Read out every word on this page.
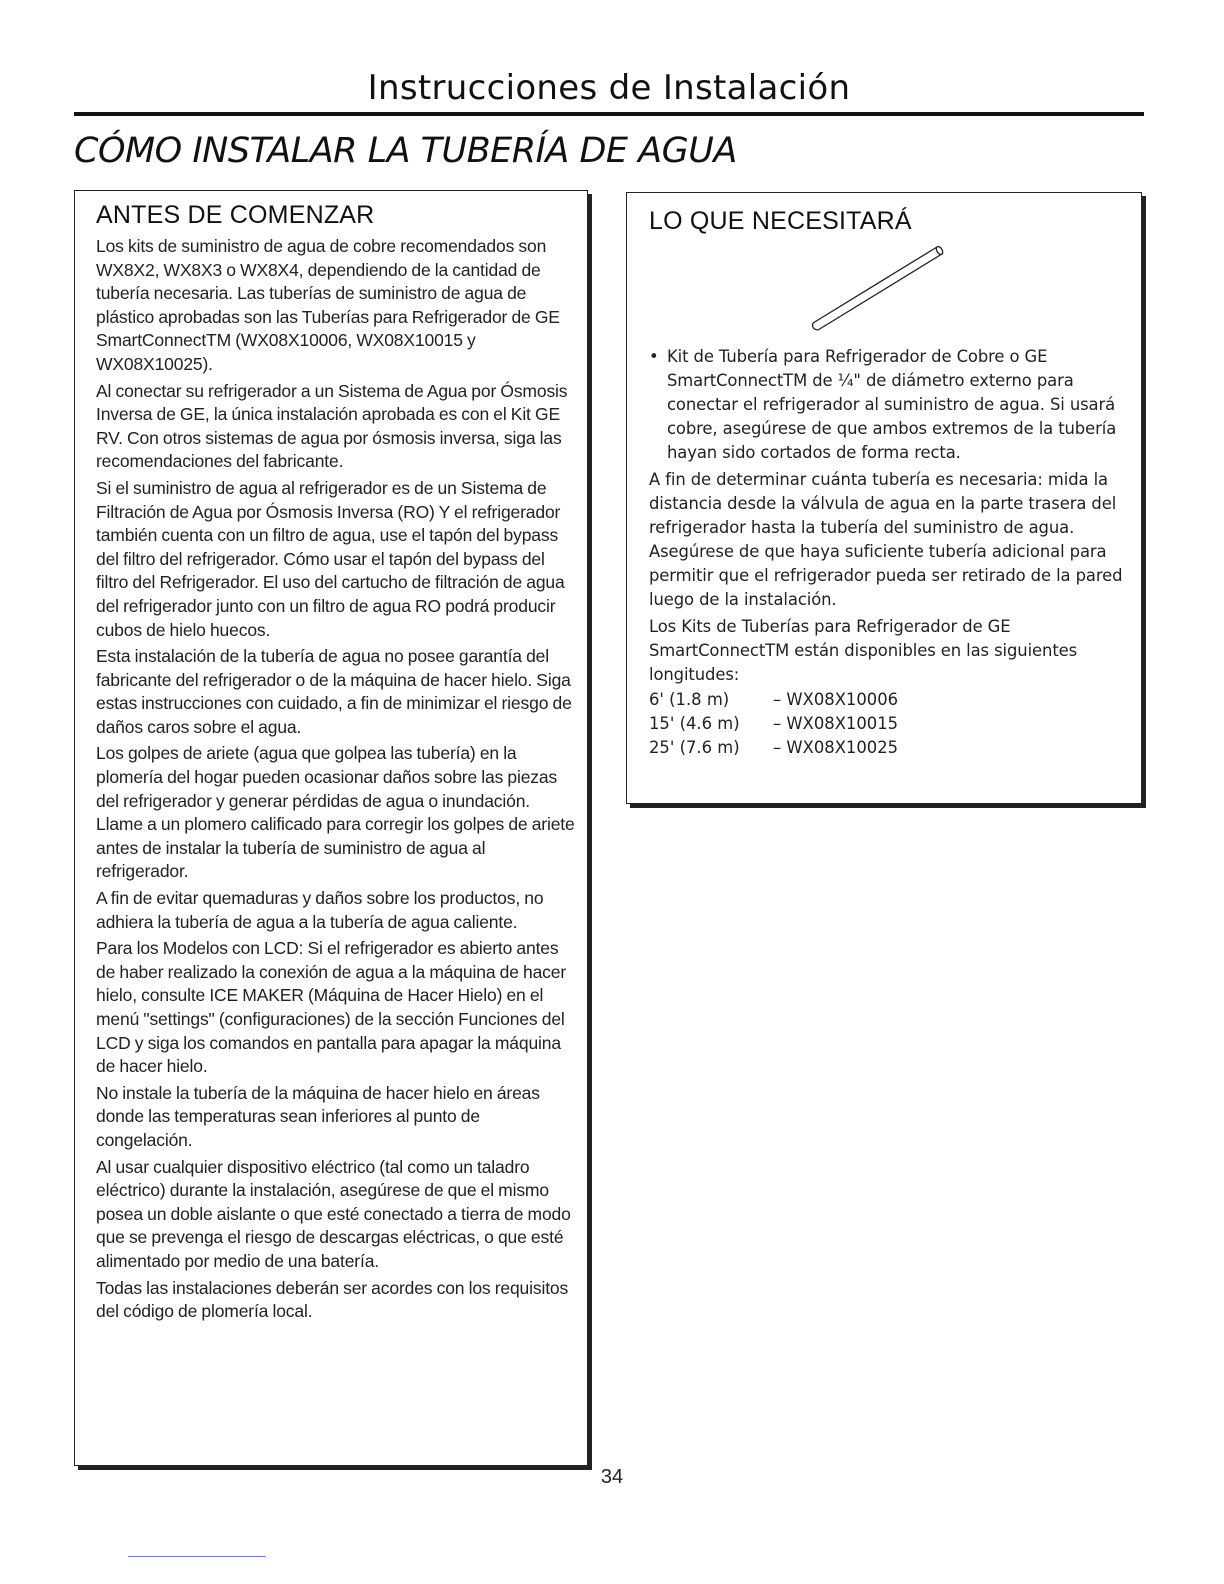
Instrucciones de Instalación
CÓMO INSTALAR LA TUBERÍA DE AGUA
ANTES DE COMENZAR

Los kits de suministro de agua de cobre recomendados son WX8X2, WX8X3 o WX8X4, dependiendo de la cantidad de tubería necesaria. Las tuberías de suministro de agua de plástico aprobadas son las Tuberías para Refrigerador de GE SmartConnectTM (WX08X10006, WX08X10015 y WX08X10025).

Al conectar su refrigerador a un Sistema de Agua por Ósmosis Inversa de GE, la única instalación aprobada es con el Kit GE RV. Con otros sistemas de agua por ósmosis inversa, siga las recomendaciones del fabricante.

Si el suministro de agua al refrigerador es de un Sistema de Filtración de Agua por Ósmosis Inversa (RO) Y el refrigerador también cuenta con un filtro de agua, use el tapón del bypass del filtro del refrigerador. Cómo usar el tapón del bypass del filtro del Refrigerador. El uso del cartucho de filtración de agua del refrigerador junto con un filtro de agua RO podrá producir cubos de hielo huecos.

Esta instalación de la tubería de agua no posee garantía del fabricante del refrigerador o de la máquina de hacer hielo. Siga estas instrucciones con cuidado, a fin de minimizar el riesgo de daños caros sobre el agua.

Los golpes de ariete (agua que golpea las tubería) en la plomería del hogar pueden ocasionar daños sobre las piezas del refrigerador y generar pérdidas de agua o inundación. Llame a un plomero calificado para corregir los golpes de ariete antes de instalar la tubería de suministro de agua al refrigerador.

A fin de evitar quemaduras y daños sobre los productos, no adhiera la tubería de agua a la tubería de agua caliente.

Para los Modelos con LCD: Si el refrigerador es abierto antes de haber realizado la conexión de agua a la máquina de hacer hielo, consulte ICE MAKER (Máquina de Hacer Hielo) en el menú "settings" (configuraciones) de la sección Funciones del LCD y siga los comandos en pantalla para apagar la máquina de hacer hielo.

No instale la tubería de la máquina de hacer hielo en áreas donde las temperaturas sean inferiores al punto de congelación.

Al usar cualquier dispositivo eléctrico (tal como un taladro eléctrico) durante la instalación, asegúrese de que el mismo posea un doble aislante o que esté conectado a tierra de modo que se prevenga el riesgo de descargas eléctricas, o que esté alimentado por medio de una batería.

Todas las instalaciones deberán ser acordes con los requisitos del código de plomería local.

LO QUE NECESITARÁ
• Kit de Tubería para Refrigerador de Cobre o GE SmartConnectTM de ¼" de diámetro externo para conectar el refrigerador al suministro de agua. Si usará cobre, asegúrese de que ambos extremos de la tubería hayan sido cortados de forma recta.

A fin de determinar cuánta tubería es necesaria: mida la distancia desde la válvula de agua en la parte trasera del refrigerador hasta la tubería del suministro de agua. Asegúrese de que haya suficiente tubería adicional para permitir que el refrigerador pueda ser retirado de la pared luego de la instalación.

Los Kits de Tuberías para Refrigerador de GE SmartConnectTM están disponibles en las siguientes longitudes:

6' (1.8 m)	– WX08X10006
15' (4.6 m)	– WX08X10015
25' (7.6 m)	– WX08X10025
34
